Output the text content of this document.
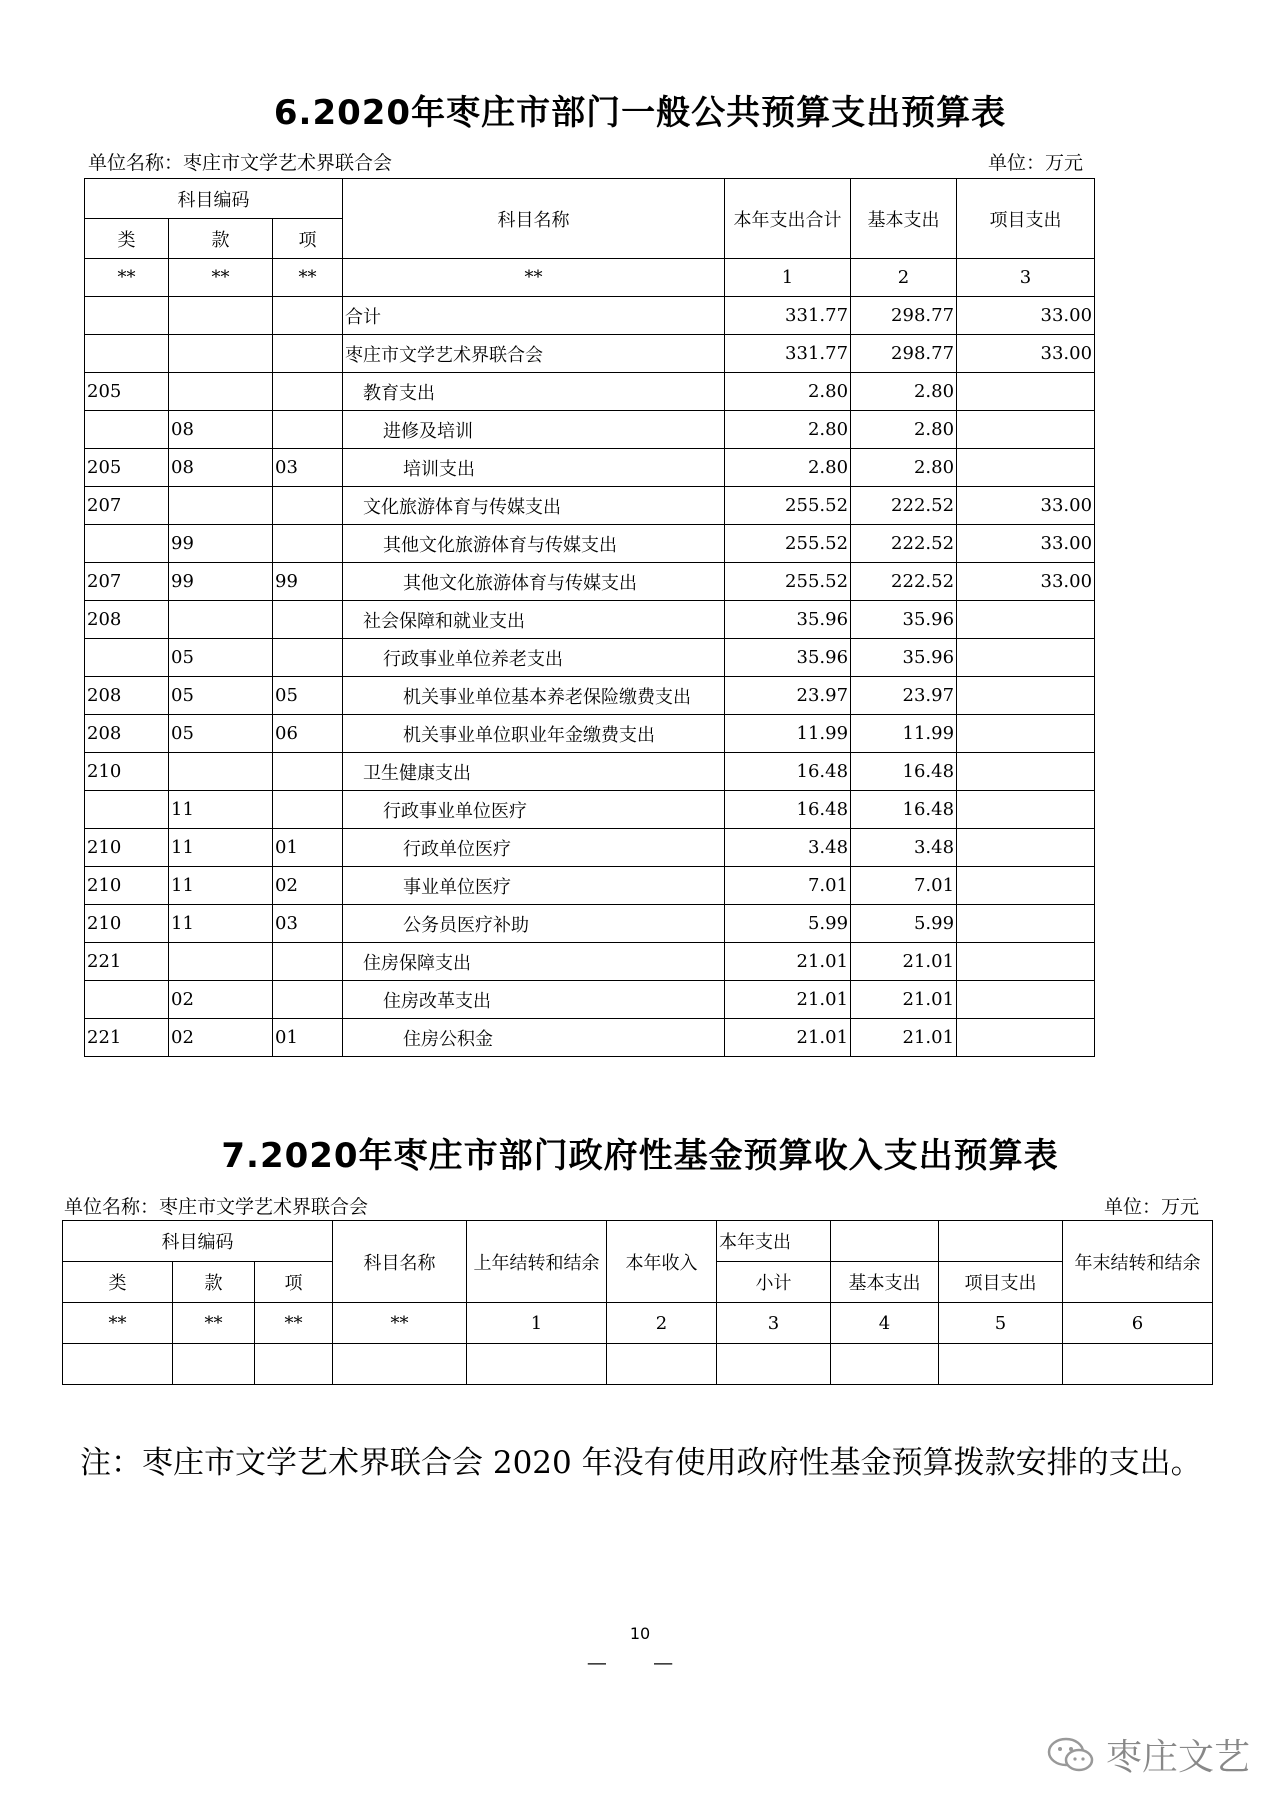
6.2020年枣庄市部门一般公共预算支出预算表
单位名称：枣庄市文学艺术界联合会	单位：万元
科目编码			科目名称	本年支出合计	基本支出	项目支出
类	款	项				
**	**	**	**	1	2	3
			合计	331.77	298.77	33.00
			枣庄市文学艺术界联合会	331.77	298.77	33.00
205			教育支出	2.80	2.80	
	08		进修及培训	2.80	2.80	
205	08	03	培训支出	2.80	2.80	
207			文化旅游体育与传媒支出	255.52	222.52	33.00
	99		其他文化旅游体育与传媒支出	255.52	222.52	33.00
207	99	99	其他文化旅游体育与传媒支出	255.52	222.52	33.00
208			社会保障和就业支出	35.96	35.96	
	05		行政事业单位养老支出	35.96	35.96	
208	05	05	机关事业单位基本养老保险缴费支出	23.97	23.97	
208	05	06	机关事业单位职业年金缴费支出	11.99	11.99	
210			卫生健康支出	16.48	16.48	
	11		行政事业单位医疗	16.48	16.48	
210	11	01	行政单位医疗	3.48	3.48	
210	11	02	事业单位医疗	7.01	7.01	
210	11	03	公务员医疗补助	5.99	5.99	
221			住房保障支出	21.01	21.01	
	02		住房改革支出	21.01	21.01	
221	02	01	住房公积金	21.01	21.01	
7.2020年枣庄市部门政府性基金预算收入支出预算表
单位名称：枣庄市文学艺术界联合会	单位：万元
科目编码			科目名称	上年结转和结余	本年收入	本年支出			年末结转和结余
类	款	项				小计	基本支出	项目支出	
**	**	**	**	1	2	3	4	5	6

注：枣庄市文学艺术界联合会 2020 年没有使用政府性基金预算拨款安排的支出。
10
— —
枣庄文艺
